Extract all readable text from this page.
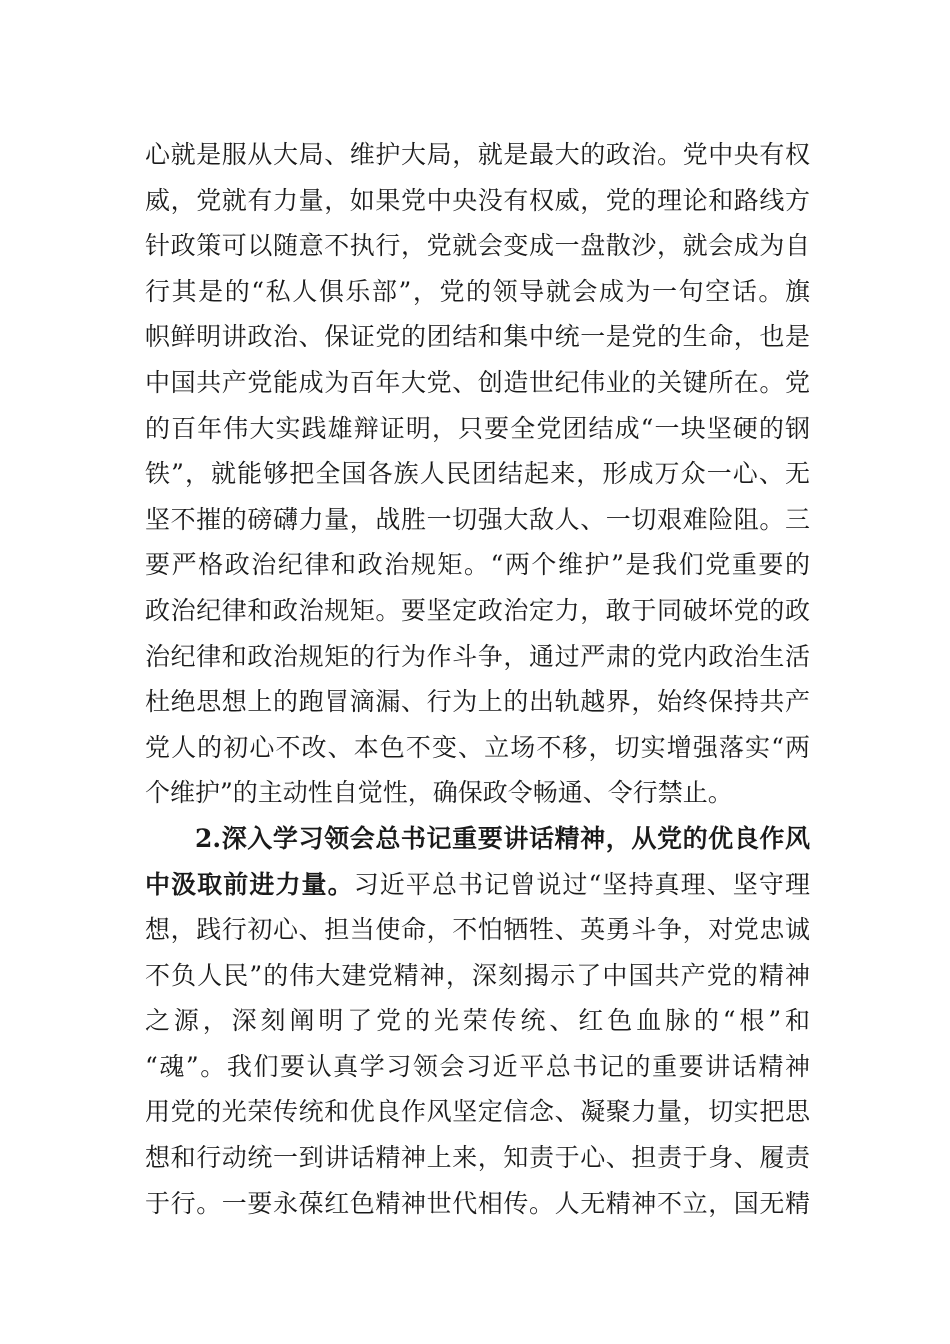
心就是服从大局、维护大局，就是最大的政治。党中央有权
威，党就有力量，如果党中央没有权威，党的理论和路线方
针政策可以随意不执行，党就会变成一盘散沙，就会成为自
行其是的“私人俱乐部”，党的领导就会成为一句空话。旗
帜鲜明讲政治、保证党的团结和集中统一是党的生命，也是
中国共产党能成为百年大党、创造世纪伟业的关键所在。党
的百年伟大实践雄辩证明，只要全党团结成“一块坚硬的钢
铁”，就能够把全国各族人民团结起来，形成万众一心、无
坚不摧的磅礴力量，战胜一切强大敌人、一切艰难险阻。三
要严格政治纪律和政治规矩。“两个维护”是我们党重要的
政治纪律和政治规矩。要坚定政治定力，敢于同破坏党的政
治纪律和政治规矩的行为作斗争，通过严肃的党内政治生活
杜绝思想上的跑冒滴漏、行为上的出轨越界，始终保持共产
党人的初心不改、本色不变、立场不移，切实增强落实“两
个维护”的主动性自觉性，确保政令畅通、令行禁止。
2.深入学习领会总书记重要讲话精神，从党的优良作风
中汲取前进力量。习近平总书记曾说过“坚持真理、坚守理
想，践行初心、担当使命，不怕牺牲、英勇斗争，对党忠诚
不负人民”的伟大建党精神，深刻揭示了中国共产党的精神
之源，深刻阐明了党的光荣传统、红色血脉的“根”和
“魂”。我们要认真学习领会习近平总书记的重要讲话精神
用党的光荣传统和优良作风坚定信念、凝聚力量，切实把思
想和行动统一到讲话精神上来，知责于心、担责于身、履责
于行。一要永葆红色精神世代相传。人无精神不立，国无精
